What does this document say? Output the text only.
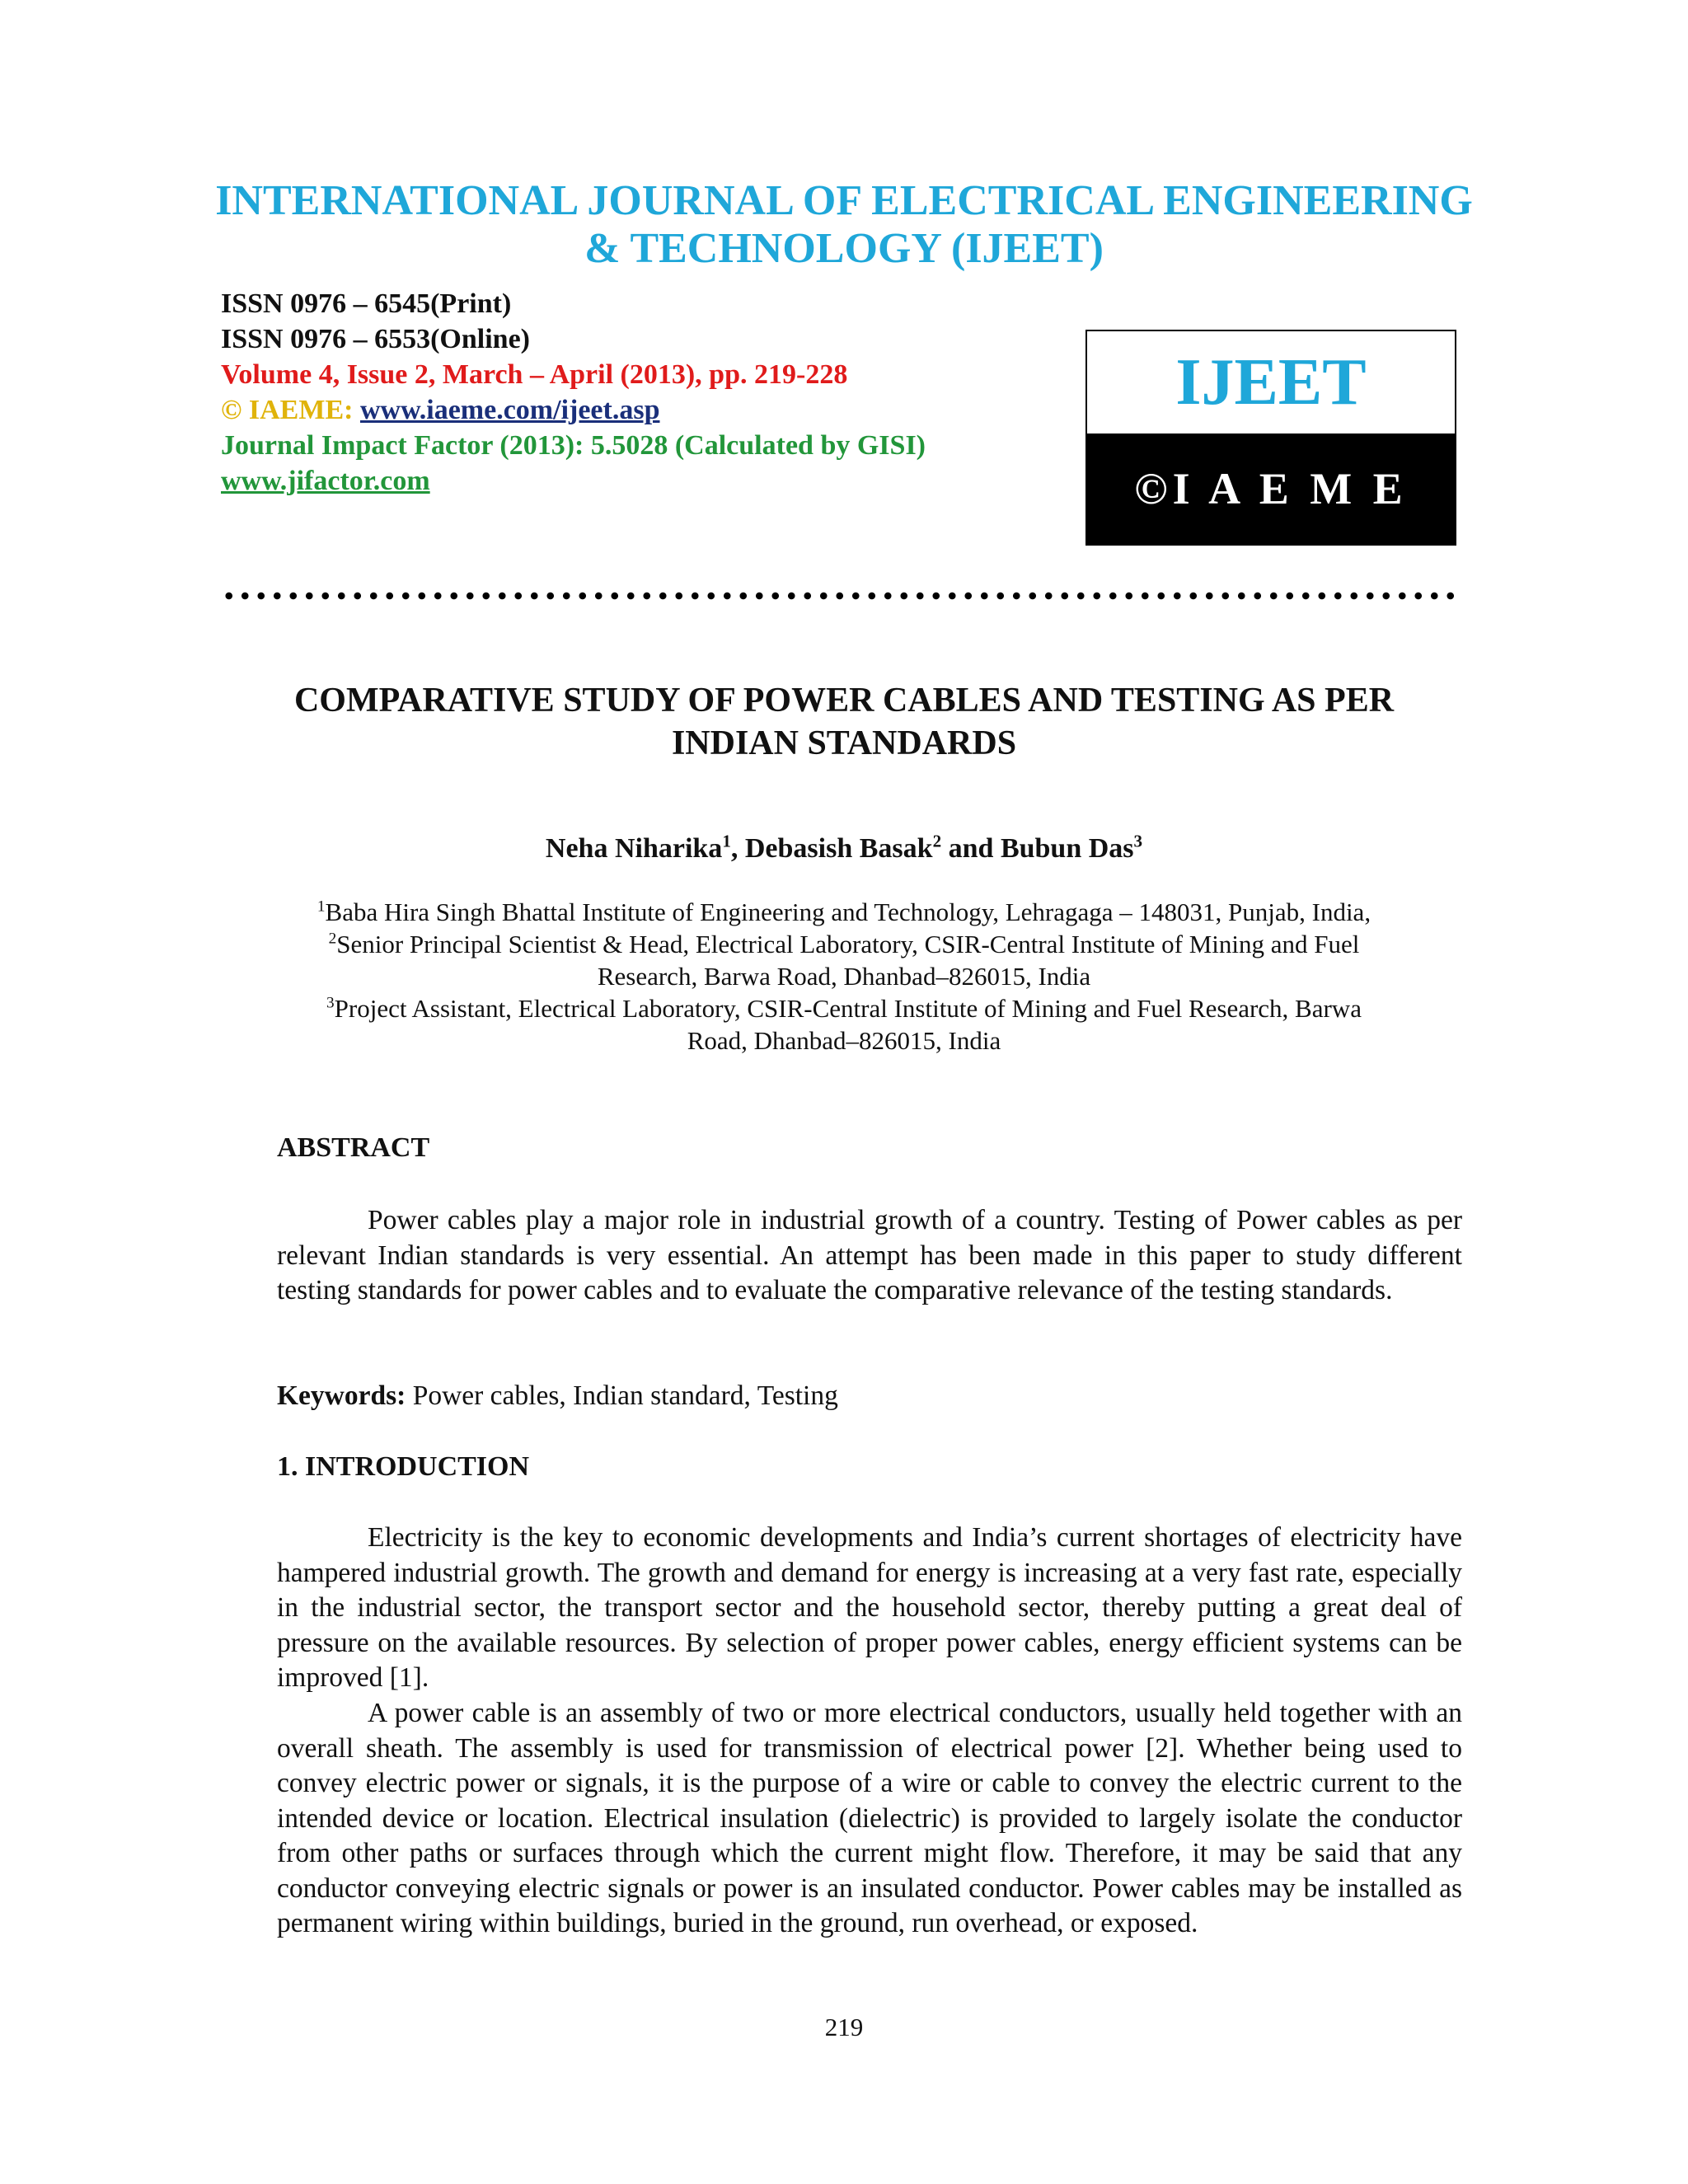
INTERNATIONAL JOURNAL OF ELECTRICAL ENGINEERING
& TECHNOLOGY (IJEET)
ISSN 0976 – 6545(Print)
ISSN 0976 – 6553(Online)
Volume 4, Issue 2, March – April (2013), pp. 219-228
© IAEME: www.iaeme.com/ijeet.asp
Journal Impact Factor (2013): 5.5028 (Calculated by GISI)
www.jifactor.com
IJEET
©I A E M E
COMPARATIVE STUDY OF POWER CABLES AND TESTING AS PER
INDIAN STANDARDS
Neha Niharika$^1$, Debasish Basak$^2$ and Bubun Das$^3$
$^1$Baba Hira Singh Bhattal Institute of Engineering and Technology, Lehragaga – 148031, Punjab, India,
$^2$Senior Principal Scientist & Head, Electrical Laboratory, CSIR-Central Institute of Mining and Fuel
Research, Barwa Road, Dhanbad–826015, India
$^3$Project Assistant, Electrical Laboratory, CSIR-Central Institute of Mining and Fuel Research, Barwa
Road, Dhanbad–826015, India
ABSTRACT

Power cables play a major role in industrial growth of a country. Testing of Power cables as per relevant Indian standards is very essential. An attempt has been made in this paper to study different testing standards for power cables and to evaluate the comparative relevance of the testing standards.

Keywords: Power cables, Indian standard, Testing
1. INTRODUCTION

Electricity is the key to economic developments and India’s current shortages of electricity have hampered industrial growth. The growth and demand for energy is increasing at a very fast rate, especially in the industrial sector, the transport sector and the household sector, thereby putting a great deal of pressure on the available resources. By selection of proper power cables, energy efficient systems can be improved [1].

A power cable is an assembly of two or more electrical conductors, usually held together with an overall sheath. The assembly is used for transmission of electrical power [2]. Whether being used to convey electric power or signals, it is the purpose of a wire or cable to convey the electric current to the intended device or location. Electrical insulation (dielectric) is provided to largely isolate the conductor from other paths or surfaces through which the current might flow. Therefore, it may be said that any conductor conveying electric signals or power is an insulated conductor. Power cables may be installed as permanent wiring within buildings, buried in the ground, run overhead, or exposed.

219
